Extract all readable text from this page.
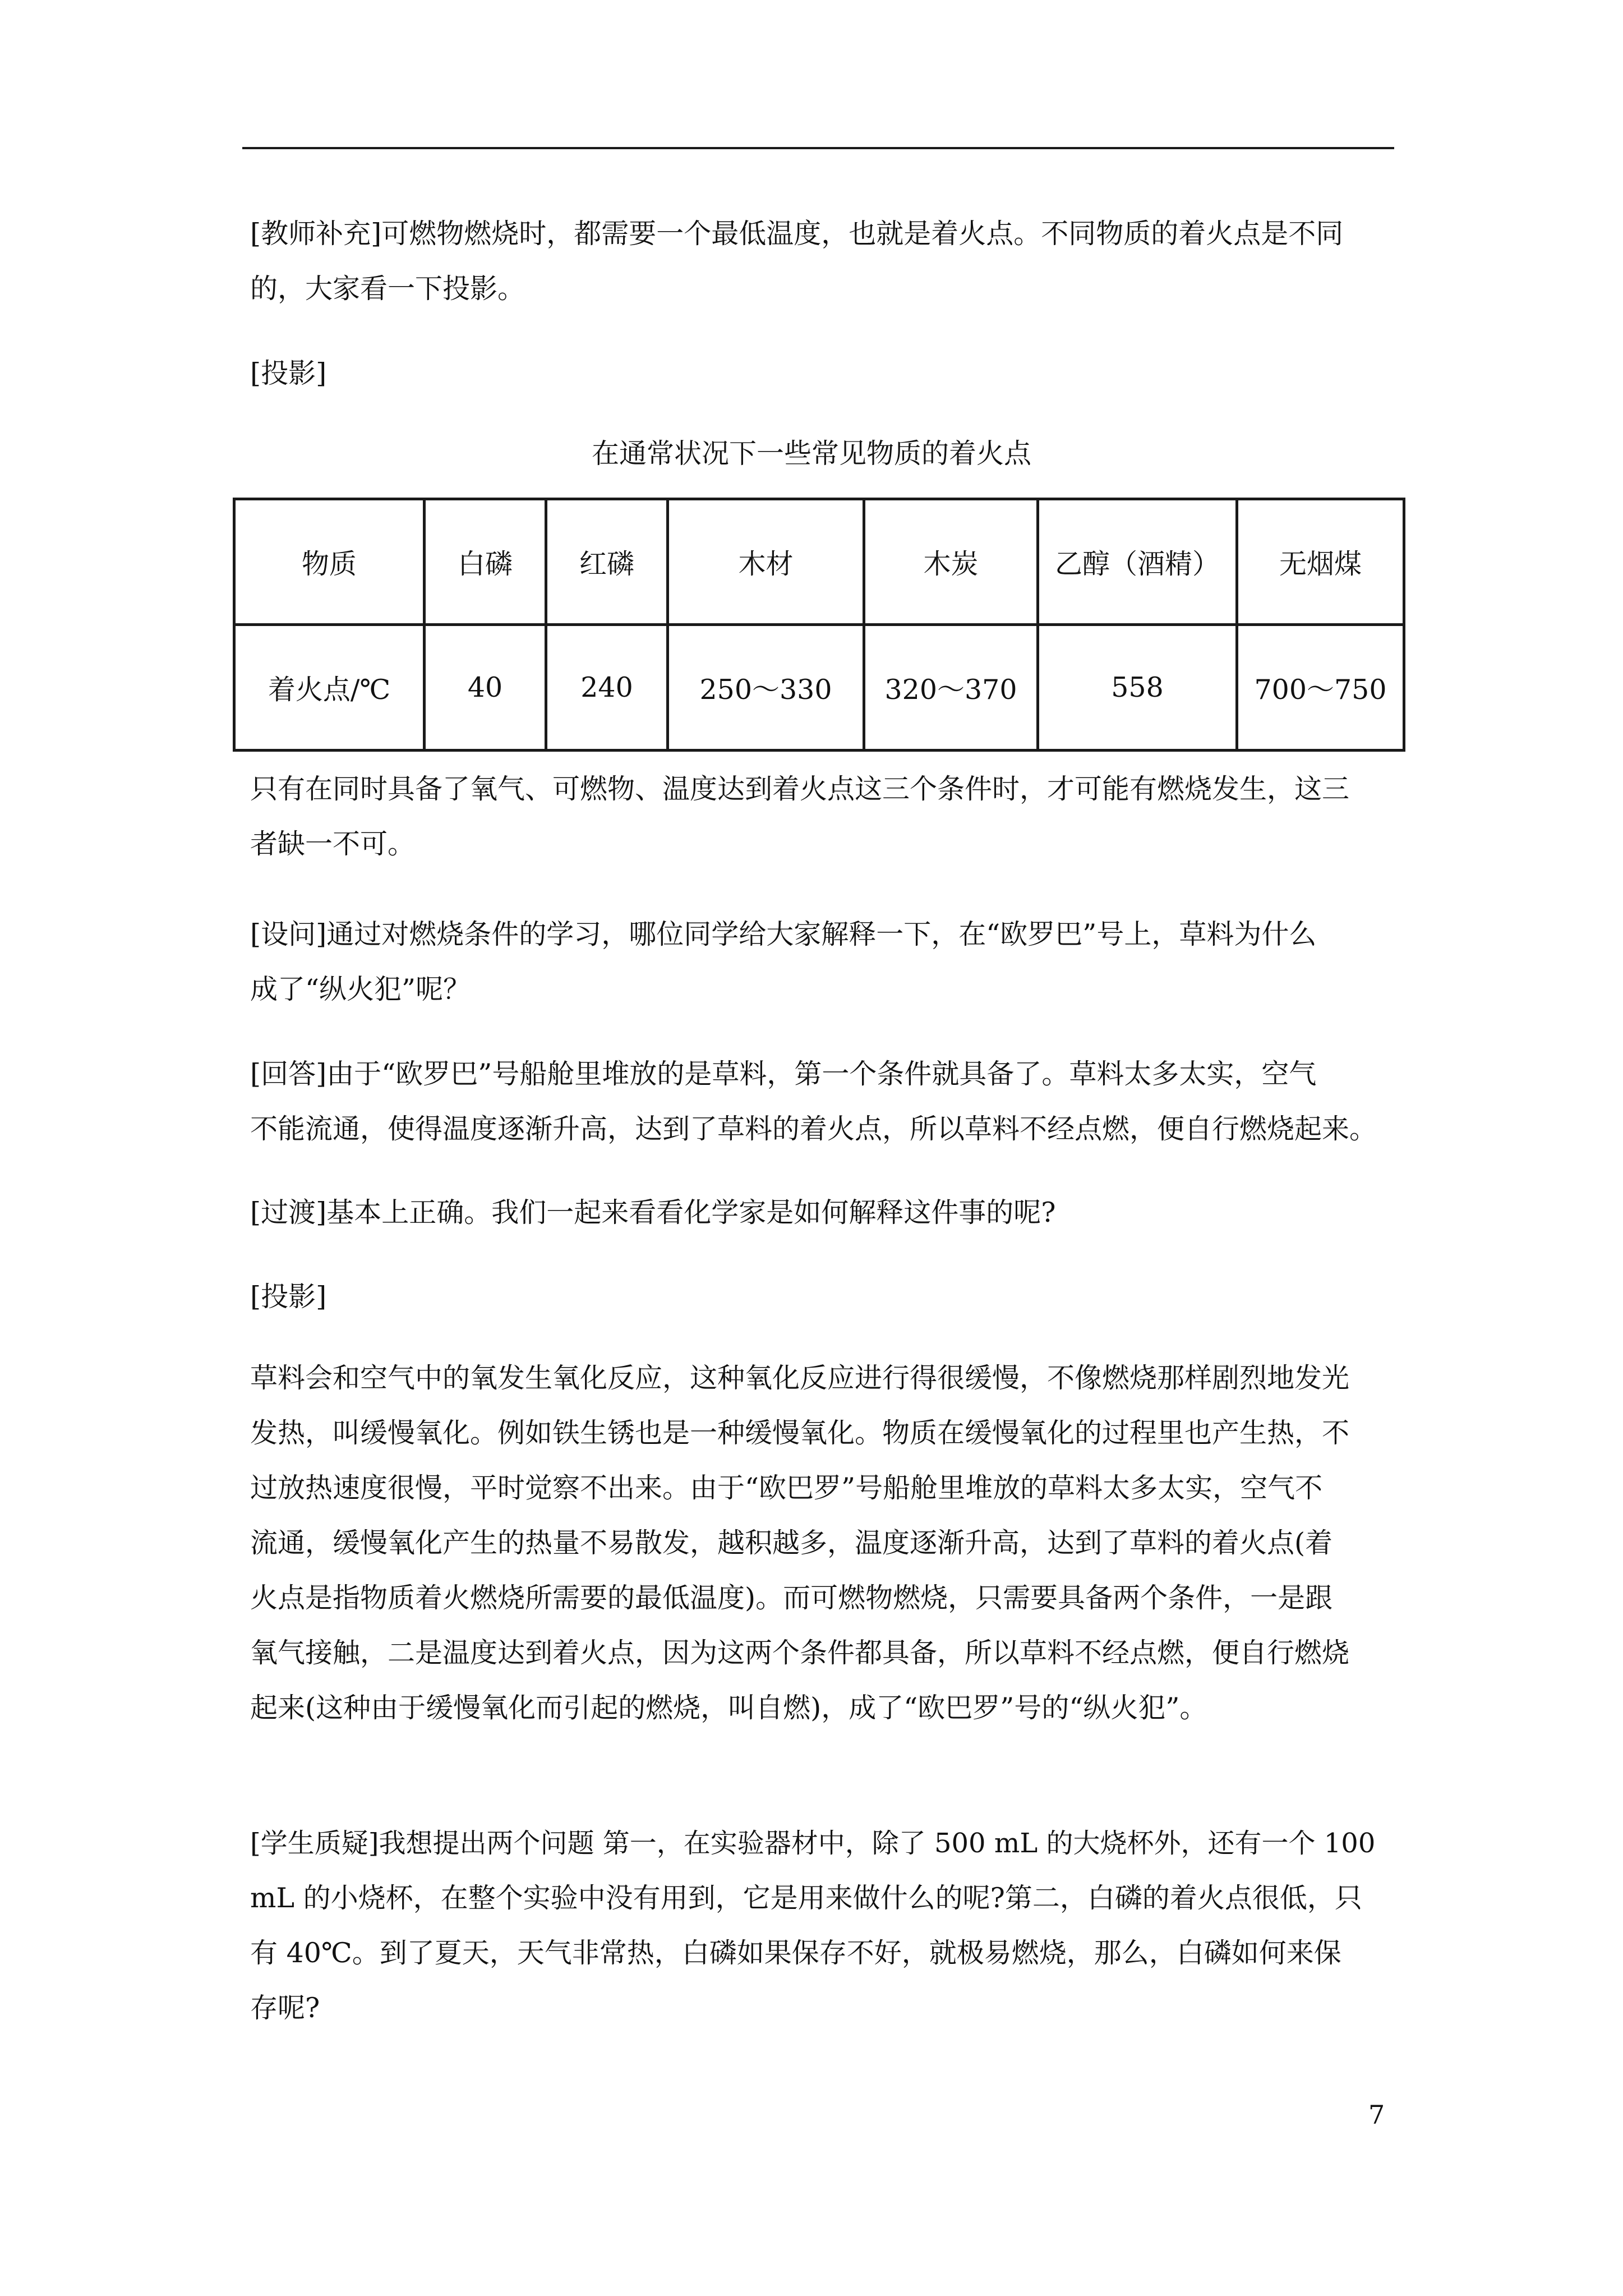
[教师补充]可燃物燃烧时，都需要一个最低温度，也就是着火点。不同物质的着火点是不同
的，大家看一下投影。

[投影]

在通常状况下一些常见物质的着火点
物质	白磷	红磷	木材	木炭	乙醇（酒精）	无烟煤
着火点/℃	40	240	250～330	320～370	558	700～750

只有在同时具备了氧气、可燃物、温度达到着火点这三个条件时，才可能有燃烧发生，这三
者缺一不可。

[设问]通过对燃烧条件的学习，哪位同学给大家解释一下，在“欧罗巴”号上，草料为什么
成了“纵火犯”呢？

[回答]由于“欧罗巴”号船舱里堆放的是草料，第一个条件就具备了。草料太多太实，空气
不能流通，使得温度逐渐升高，达到了草料的着火点，所以草料不经点燃，便自行燃烧起来。

[过渡]基本上正确。我们一起来看看化学家是如何解释这件事的呢?

[投影]

草料会和空气中的氧发生氧化反应，这种氧化反应进行得很缓慢，不像燃烧那样剧烈地发光
发热，叫缓慢氧化。例如铁生锈也是一种缓慢氧化。物质在缓慢氧化的过程里也产生热，不
过放热速度很慢，平时觉察不出来。由于“欧巴罗”号船舱里堆放的草料太多太实，空气不
流通，缓慢氧化产生的热量不易散发，越积越多，温度逐渐升高，达到了草料的着火点(着
火点是指物质着火燃烧所需要的最低温度)。而可燃物燃烧，只需要具备两个条件，一是跟
氧气接触，二是温度达到着火点，因为这两个条件都具备，所以草料不经点燃，便自行燃烧
起来(这种由于缓慢氧化而引起的燃烧，叫自燃)，成了“欧巴罗”号的“纵火犯”。

[学生质疑]我想提出两个问题 第一，在实验器材中，除了 500 mL 的大烧杯外，还有一个 100
mL 的小烧杯，在整个实验中没有用到，它是用来做什么的呢?第二，白磷的着火点很低，只
有 40℃。到了夏天，天气非常热，白磷如果保存不好，就极易燃烧，那么，白磷如何来保
存呢?

7
